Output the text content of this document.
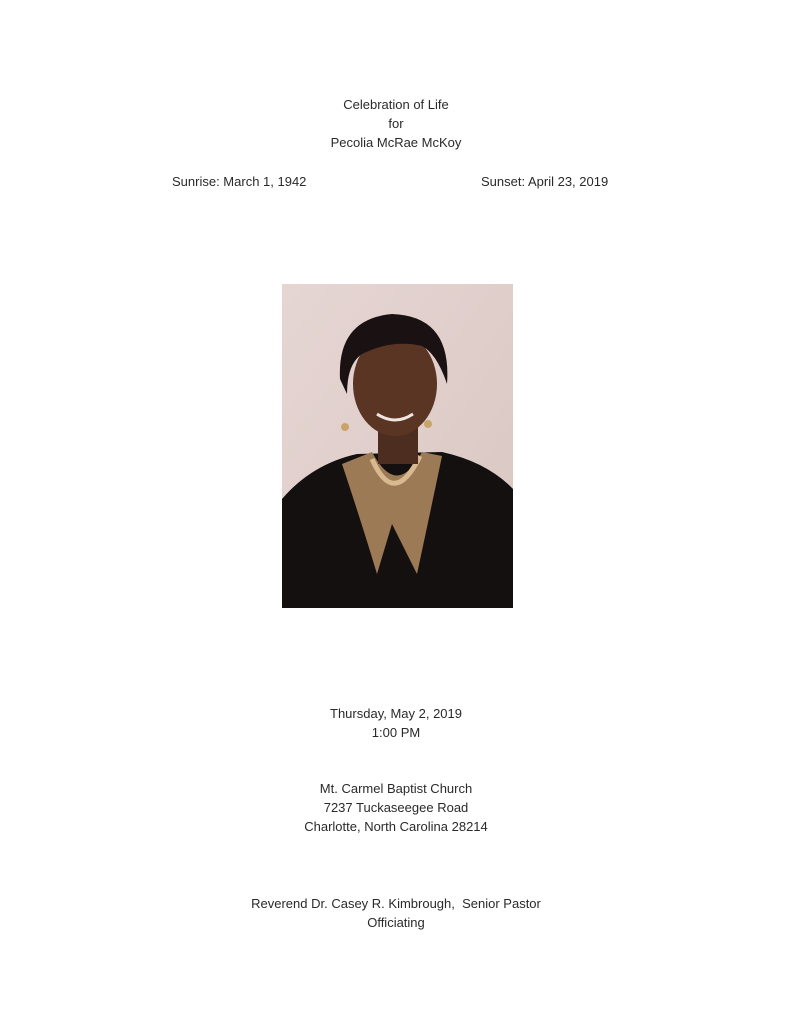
Celebration of Life
for
Pecolia McRae McKoy
Sunrise: March 1, 1942	Sunset: April 23, 2019
Thursday, May 2, 2019
1:00 PM
Mt. Carmel Baptist Church
7237 Tuckaseegee Road
Charlotte, North Carolina 28214
Reverend Dr. Casey R. Kimbrough,  Senior Pastor
Officiating
